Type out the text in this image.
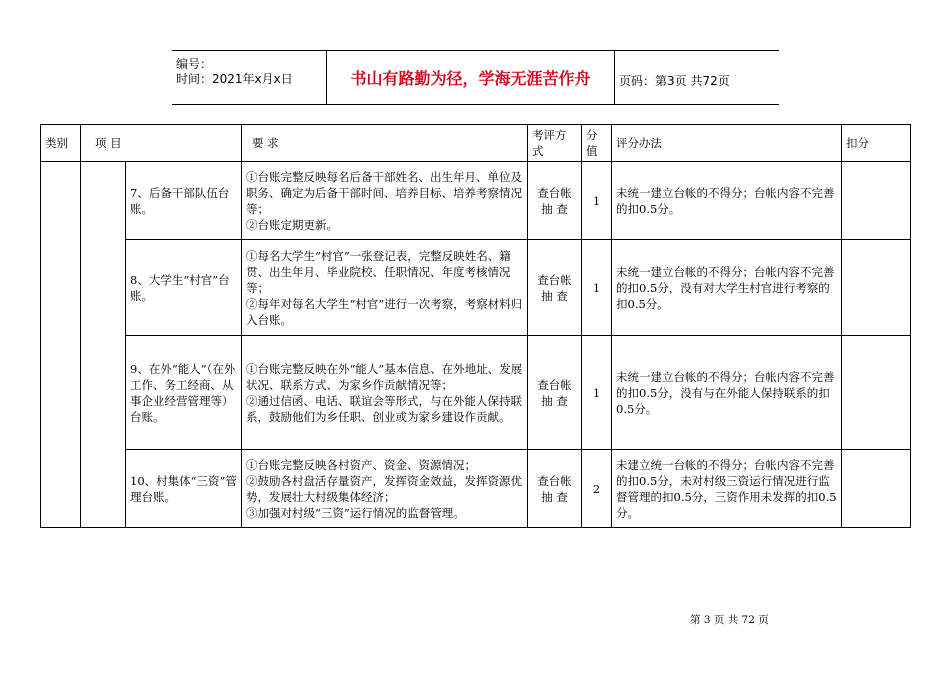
编号：
时间：2021年x月x日	书山有路勤为径，学海无涯苦作舟	页码：第3页 共72页
类别	项 目		要 求	考评方式	分值	评分办法	扣分
		7、后备干部队伍台账。	①台账完整反映每名后备干部姓名、出生年月、单位及职务、确定为后备干部时间、培养目标、培养考察情况等；
②台账定期更新。	查台帐
抽 查	1	未统一建立台帐的不得分；台帐内容不完善的扣0.5分。	
		8、大学生“村官”台账。	①每名大学生“村官”一张登记表，完整反映姓名、籍贯、出生年月、毕业院校、任职情况、年度考核情况等；
②每年对每名大学生“村官”进行一次考察，考察材料归入台账。	查台帐
抽 查	1	未统一建立台帐的不得分；台帐内容不完善的扣0.5分，没有对大学生村官进行考察的扣0.5分。	
		9、在外“能人”（在外工作、务工经商、从事企业经营管理等）台账。	①台账完整反映在外“能人”基本信息、在外地址、发展状况、联系方式、为家乡作贡献情况等；
②通过信函、电话、联谊会等形式，与在外能人保持联系，鼓励他们为乡任职、创业或为家乡建设作贡献。	查台帐
抽 查	1	未统一建立台帐的不得分；台帐内容不完善的扣0.5分，没有与在外能人保持联系的扣0.5分。	
		10、村集体“三资”管理台账。	①台账完整反映各村资产、资金、资源情况；
②鼓励各村盘活存量资产，发挥资金效益，发挥资源优势，发展壮大村级集体经济；
③加强对村级“三资”运行情况的监督管理。	查台帐
抽 查	2	未建立统一台帐的不得分；台帐内容不完善的扣0.5分，未对村级三资运行情况进行监督管理的扣0.5分，三资作用未发挥的扣0.5分。	
第 3 页 共 72 页
